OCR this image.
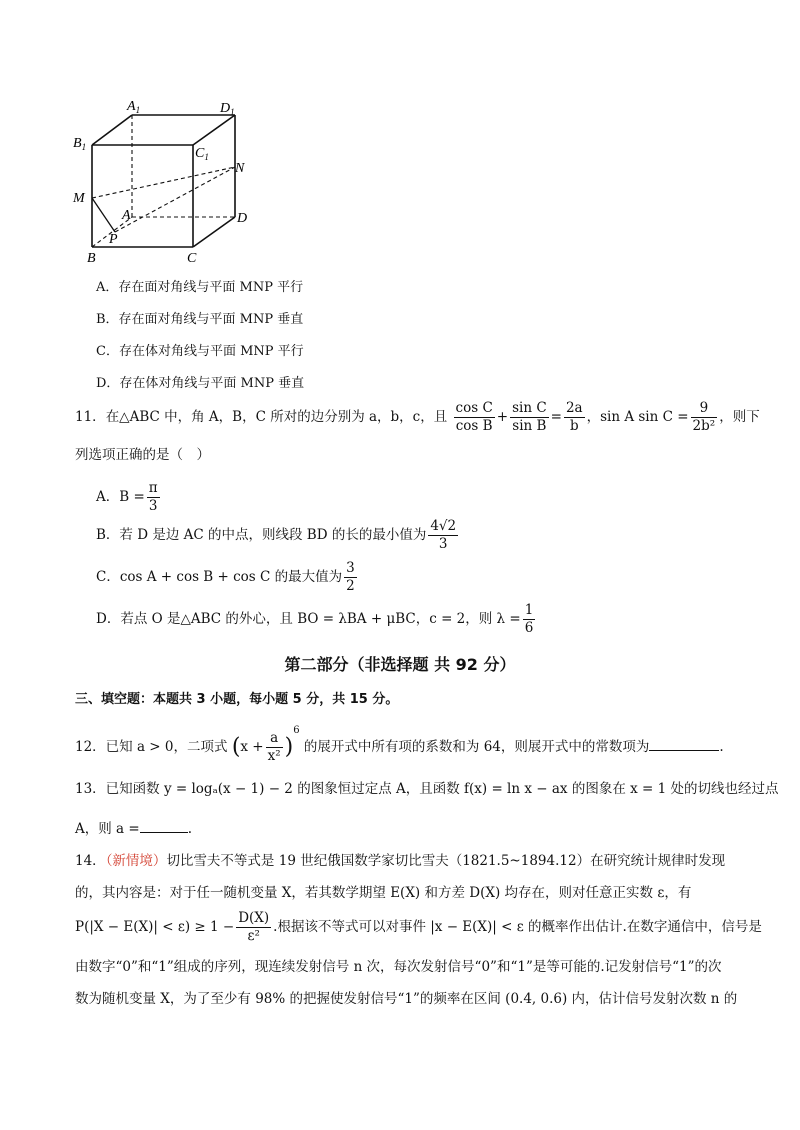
$A_1$	$D_1$
$B_1$	$C_1$
N
M
A	D
P
B	C
A．存在面对角线与平面 MNP 平行
B．存在面对角线与平面 MNP 垂直
C．存在体对角线与平面 MNP 平行
D．存在体对角线与平面 MNP 垂直
11．在△ABC 中，角 A，B，C 所对的边分别为 a，b，c，且 $\frac{\text{cos C}}{\text{cos B}} + \frac{\text{sin C}}{\text{sin B}} = \frac{2a}{b}$ ，sin A $\sin C = \frac{9}{\text{2b²}}$ ，则下
列选项正确的是（　）
A．$B = \frac{\pi}{3}$
B．若 D 是边 AC 的中点，则线段 BD 的长的最小值为 $\frac{4√2}{3}$
C．cos A + cos B + cos C 的最大值为 $\frac{3}{2}$
D．若点 O 是△ABC 的外心，且 BO = λBA + μBC，c = 2，则 $\lambda = \frac{1}{6}$
第二部分（非选择题 共 92 分）
三、填空题：本题共 3 小题，每小题 5 分，共 15 分。
12．已知 a > 0，二项式 $(x + \frac{a}{\text{x²}} )^6$ 的展开式中所有项的系数和为 64，则展开式中的常数项为	.
13．已知函数 y = logₐ(x − 1) − 2 的图象恒过定点 A，且函数 f(x) = ln x − ax 的图象在 x = 1 处的切线也经过点
A，则 a =	.
14．（新情境）切比雪夫不等式是 19 世纪俄国数学家切比雪夫（1821.5~1894.12）在研究统计规律时发现
的，其内容是：对于任一随机变量 X，若其数学期望 E(X) 和方差 D(X) 均存在，则对任意正实数 ε，有
$P(|X - E(X)| < \varepsilon) \ge 1 - \frac{D(X)}{\text{ε²}}$ .根据该不等式可以对事件 |x − E(X)| < ε 的概率作出估计.在数字通信中，信号是
由数字“0”和“1”组成的序列，现连续发射信号 n 次，每次发射信号“0”和“1”是等可能的.记发射信号“1”的次
数为随机变量 X，为了至少有 98% 的把握使发射信号“1”的频率在区间 (0.4, 0.6) 内，估计信号发射次数 n 的
